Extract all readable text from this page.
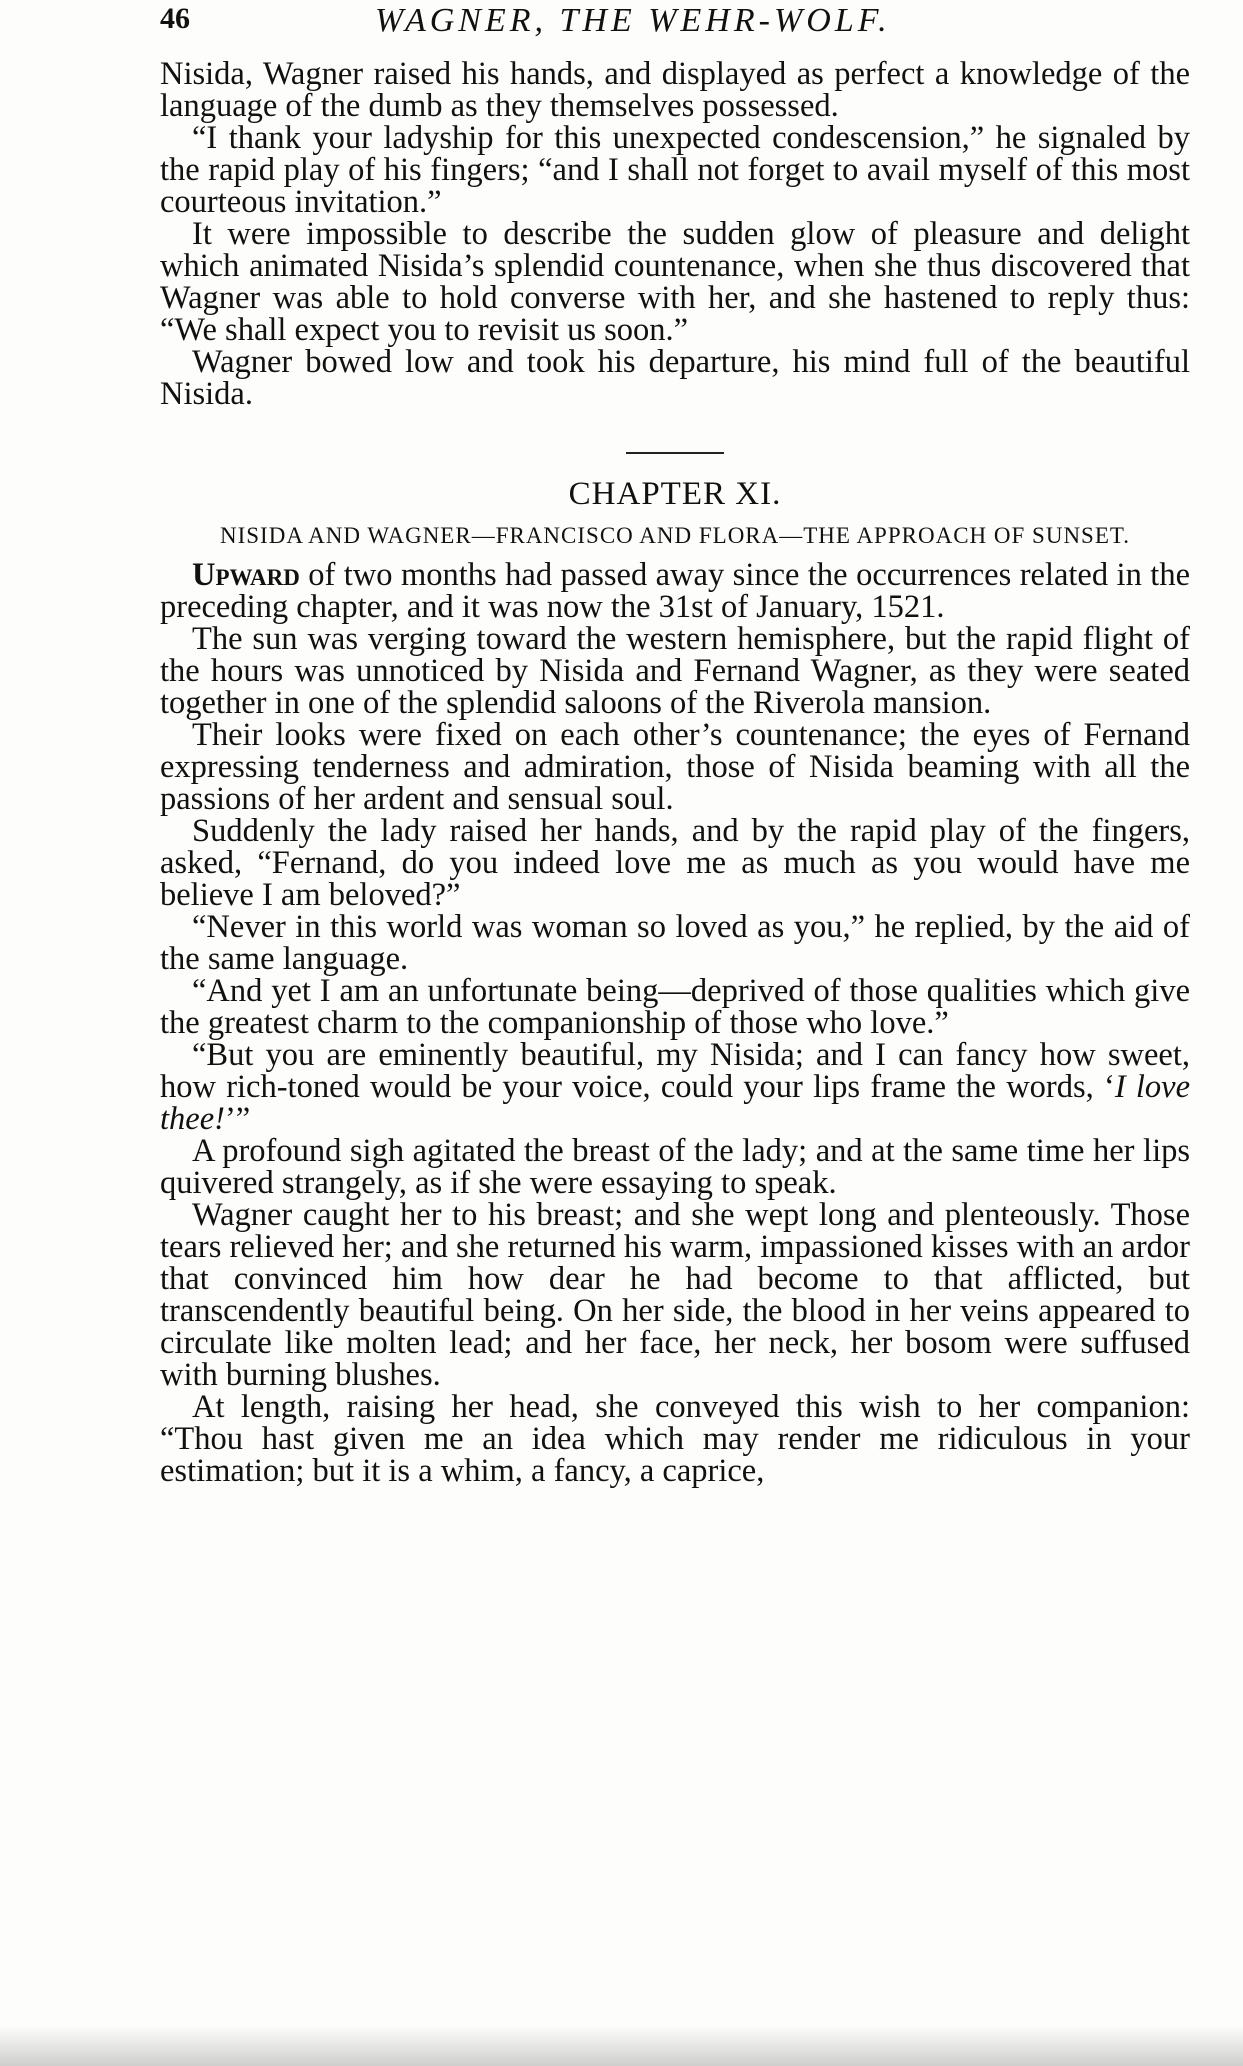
46	WAGNER, THE WEHR-WOLF.

Nisida, Wagner raised his hands, and displayed as perfect a knowledge of the language of the dumb as they themselves possessed.

“I thank your ladyship for this unexpected condescension,” he signaled by the rapid play of his fingers; “and I shall not forget to avail myself of this most courteous invitation.”

It were impossible to describe the sudden glow of pleasure and delight which animated Nisida’s splendid countenance, when she thus discovered that Wagner was able to hold converse with her, and she hastened to reply thus: “We shall expect you to revisit us soon.”

Wagner bowed low and took his departure, his mind full of the beautiful Nisida.

CHAPTER XI.
NISIDA AND WAGNER—FRANCISCO AND FLORA—THE APPROACH OF SUNSET.

Upward of two months had passed away since the occurrences related in the preceding chapter, and it was now the 31st of January, 1521.

The sun was verging toward the western hemisphere, but the rapid flight of the hours was unnoticed by Nisida and Fernand Wagner, as they were seated together in one of the splendid saloons of the Riverola mansion.

Their looks were fixed on each other’s countenance; the eyes of Fernand expressing tenderness and admiration, those of Nisida beaming with all the passions of her ardent and sensual soul.

Suddenly the lady raised her hands, and by the rapid play of the fingers, asked, “Fernand, do you indeed love me as much as you would have me believe I am beloved?”

“Never in this world was woman so loved as you,” he replied, by the aid of the same language.

“And yet I am an unfortunate being—deprived of those qualities which give the greatest charm to the companionship of those who love.”

“But you are eminently beautiful, my Nisida; and I can fancy how sweet, how rich-toned would be your voice, could your lips frame the words, ‘I love thee!’”

A profound sigh agitated the breast of the lady; and at the same time her lips quivered strangely, as if she were essaying to speak.

Wagner caught her to his breast; and she wept long and plenteously. Those tears relieved her; and she returned his warm, impassioned kisses with an ardor that convinced him how dear he had become to that afflicted, but transcendently beautiful being. On her side, the blood in her veins appeared to circulate like molten lead; and her face, her neck, her bosom were suffused with burning blushes.

At length, raising her head, she conveyed this wish to her companion: “Thou hast given me an idea which may render me ridiculous in your estimation; but it is a whim, a fancy, a caprice,
